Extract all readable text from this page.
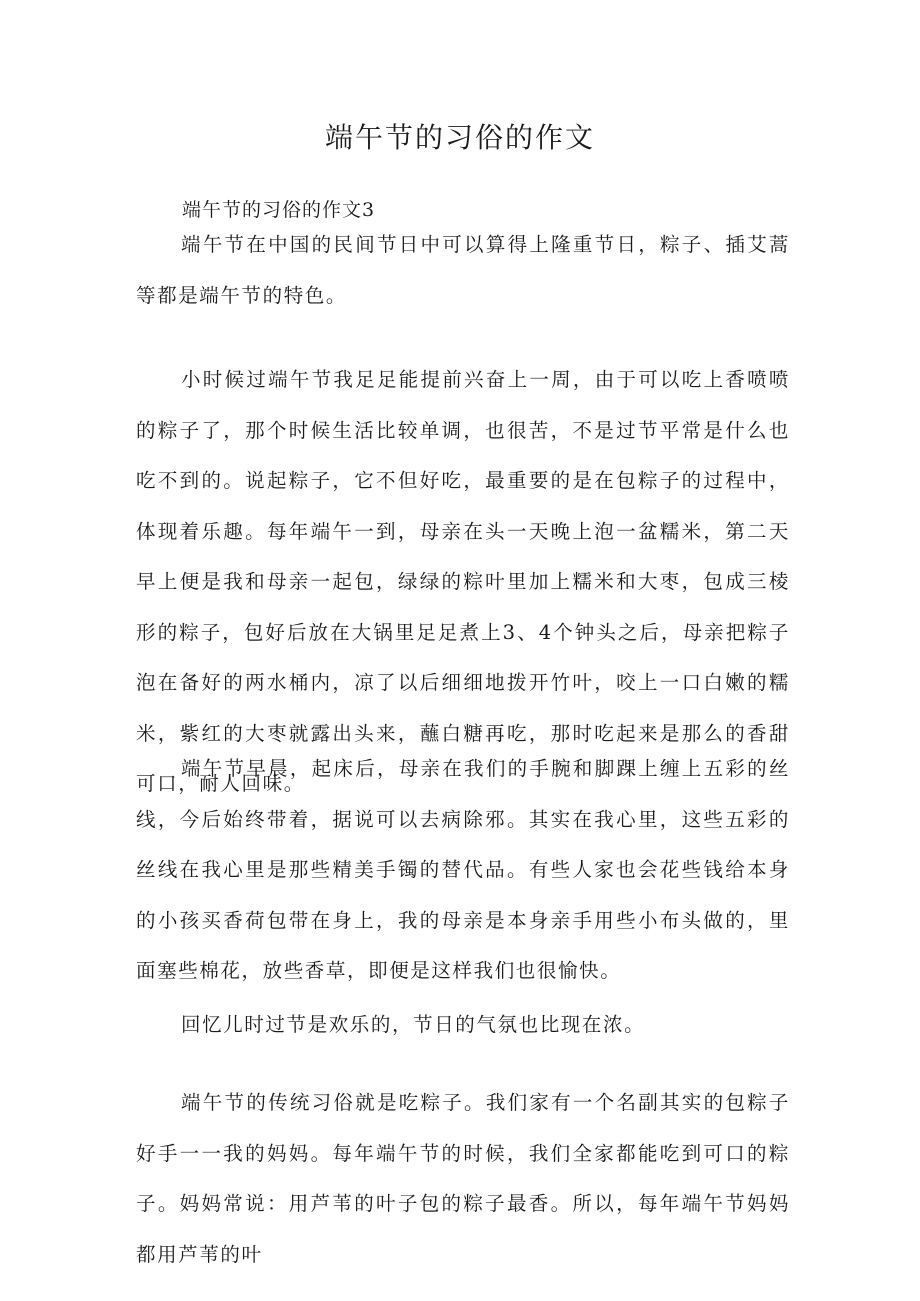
端午节的习俗的作文
端午节的习俗的作文3

端午节在中国的民间节日中可以算得上隆重节日，粽子、插艾蒿等都是端午节的特色。

小时候过端午节我足足能提前兴奋上一周，由于可以吃上香喷喷的粽子了，那个时候生活比较单调，也很苦，不是过节平常是什么也吃不到的。说起粽子，它不但好吃，最重要的是在包粽子的过程中，体现着乐趣。每年端午一到，母亲在头一天晚上泡一盆糯米，第二天早上便是我和母亲一起包，绿绿的粽叶里加上糯米和大枣，包成三棱形的粽子，包好后放在大锅里足足煮上3、4个钟头之后，母亲把粽子泡在备好的两水桶内，凉了以后细细地拨开竹叶，咬上一口白嫩的糯米，紫红的大枣就露出头来，蘸白糖再吃，那时吃起来是那么的香甜可口，耐人回味。

端午节早晨，起床后，母亲在我们的手腕和脚踝上缠上五彩的丝线，今后始终带着，据说可以去病除邪。其实在我心里，这些五彩的丝线在我心里是那些精美手镯的替代品。有些人家也会花些钱给本身的小孩买香荷包带在身上，我的母亲是本身亲手用些小布头做的，里面塞些棉花，放些香草，即便是这样我们也很愉快。

回忆儿时过节是欢乐的，节日的气氛也比现在浓。

端午节的传统习俗就是吃粽子。我们家有一个名副其实的包粽子好手一一我的妈妈。每年端午节的时候，我们全家都能吃到可口的粽子。妈妈常说：用芦苇的叶子包的粽子最香。所以，每年端午节妈妈都用芦苇的叶
